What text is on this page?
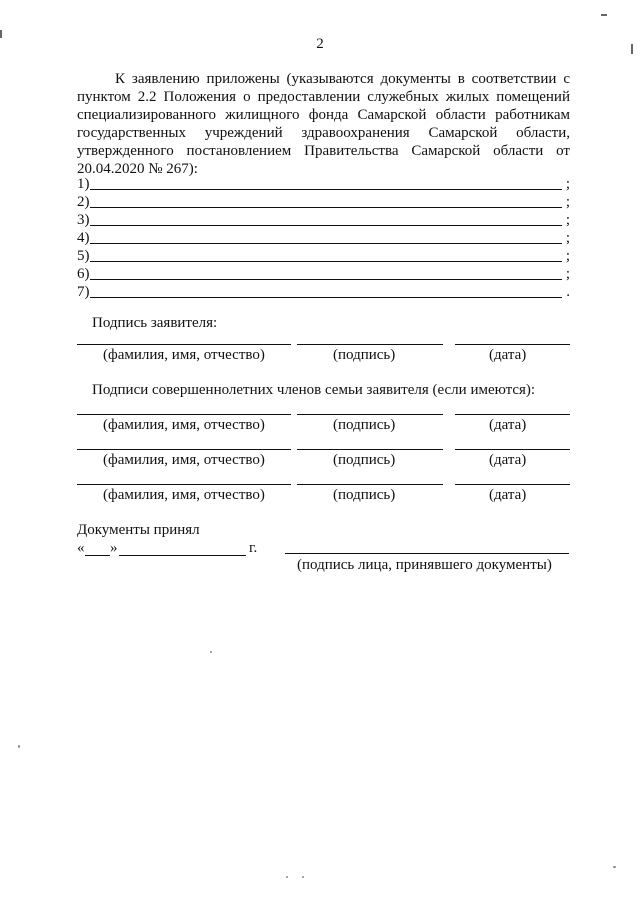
2

К заявлению приложены (указываются документы в соответствии с пунктом 2.2 Положения о предоставлении служебных жилых помещений специализированного жилищного фонда Самарской области работникам государственных учреждений здравоохранения Самарской области, утвержденного постановлением Правительства Самарской области от 20.04.2020 № 267):

1)	;
2)	;
3)	;
4)	;
5)	;
6)	;
7)	.
Подпись заявителя:
(фамилия, имя, отчество)	(подпись)	(дата)
Подписи совершеннолетних членов семьи заявителя (если имеются):
(фамилия, имя, отчество)	(подпись)	(дата)
(фамилия, имя, отчество)	(подпись)	(дата)
(фамилия, имя, отчество)	(подпись)	(дата)
Документы принял
« »	г.
(подпись лица, принявшего документы)
